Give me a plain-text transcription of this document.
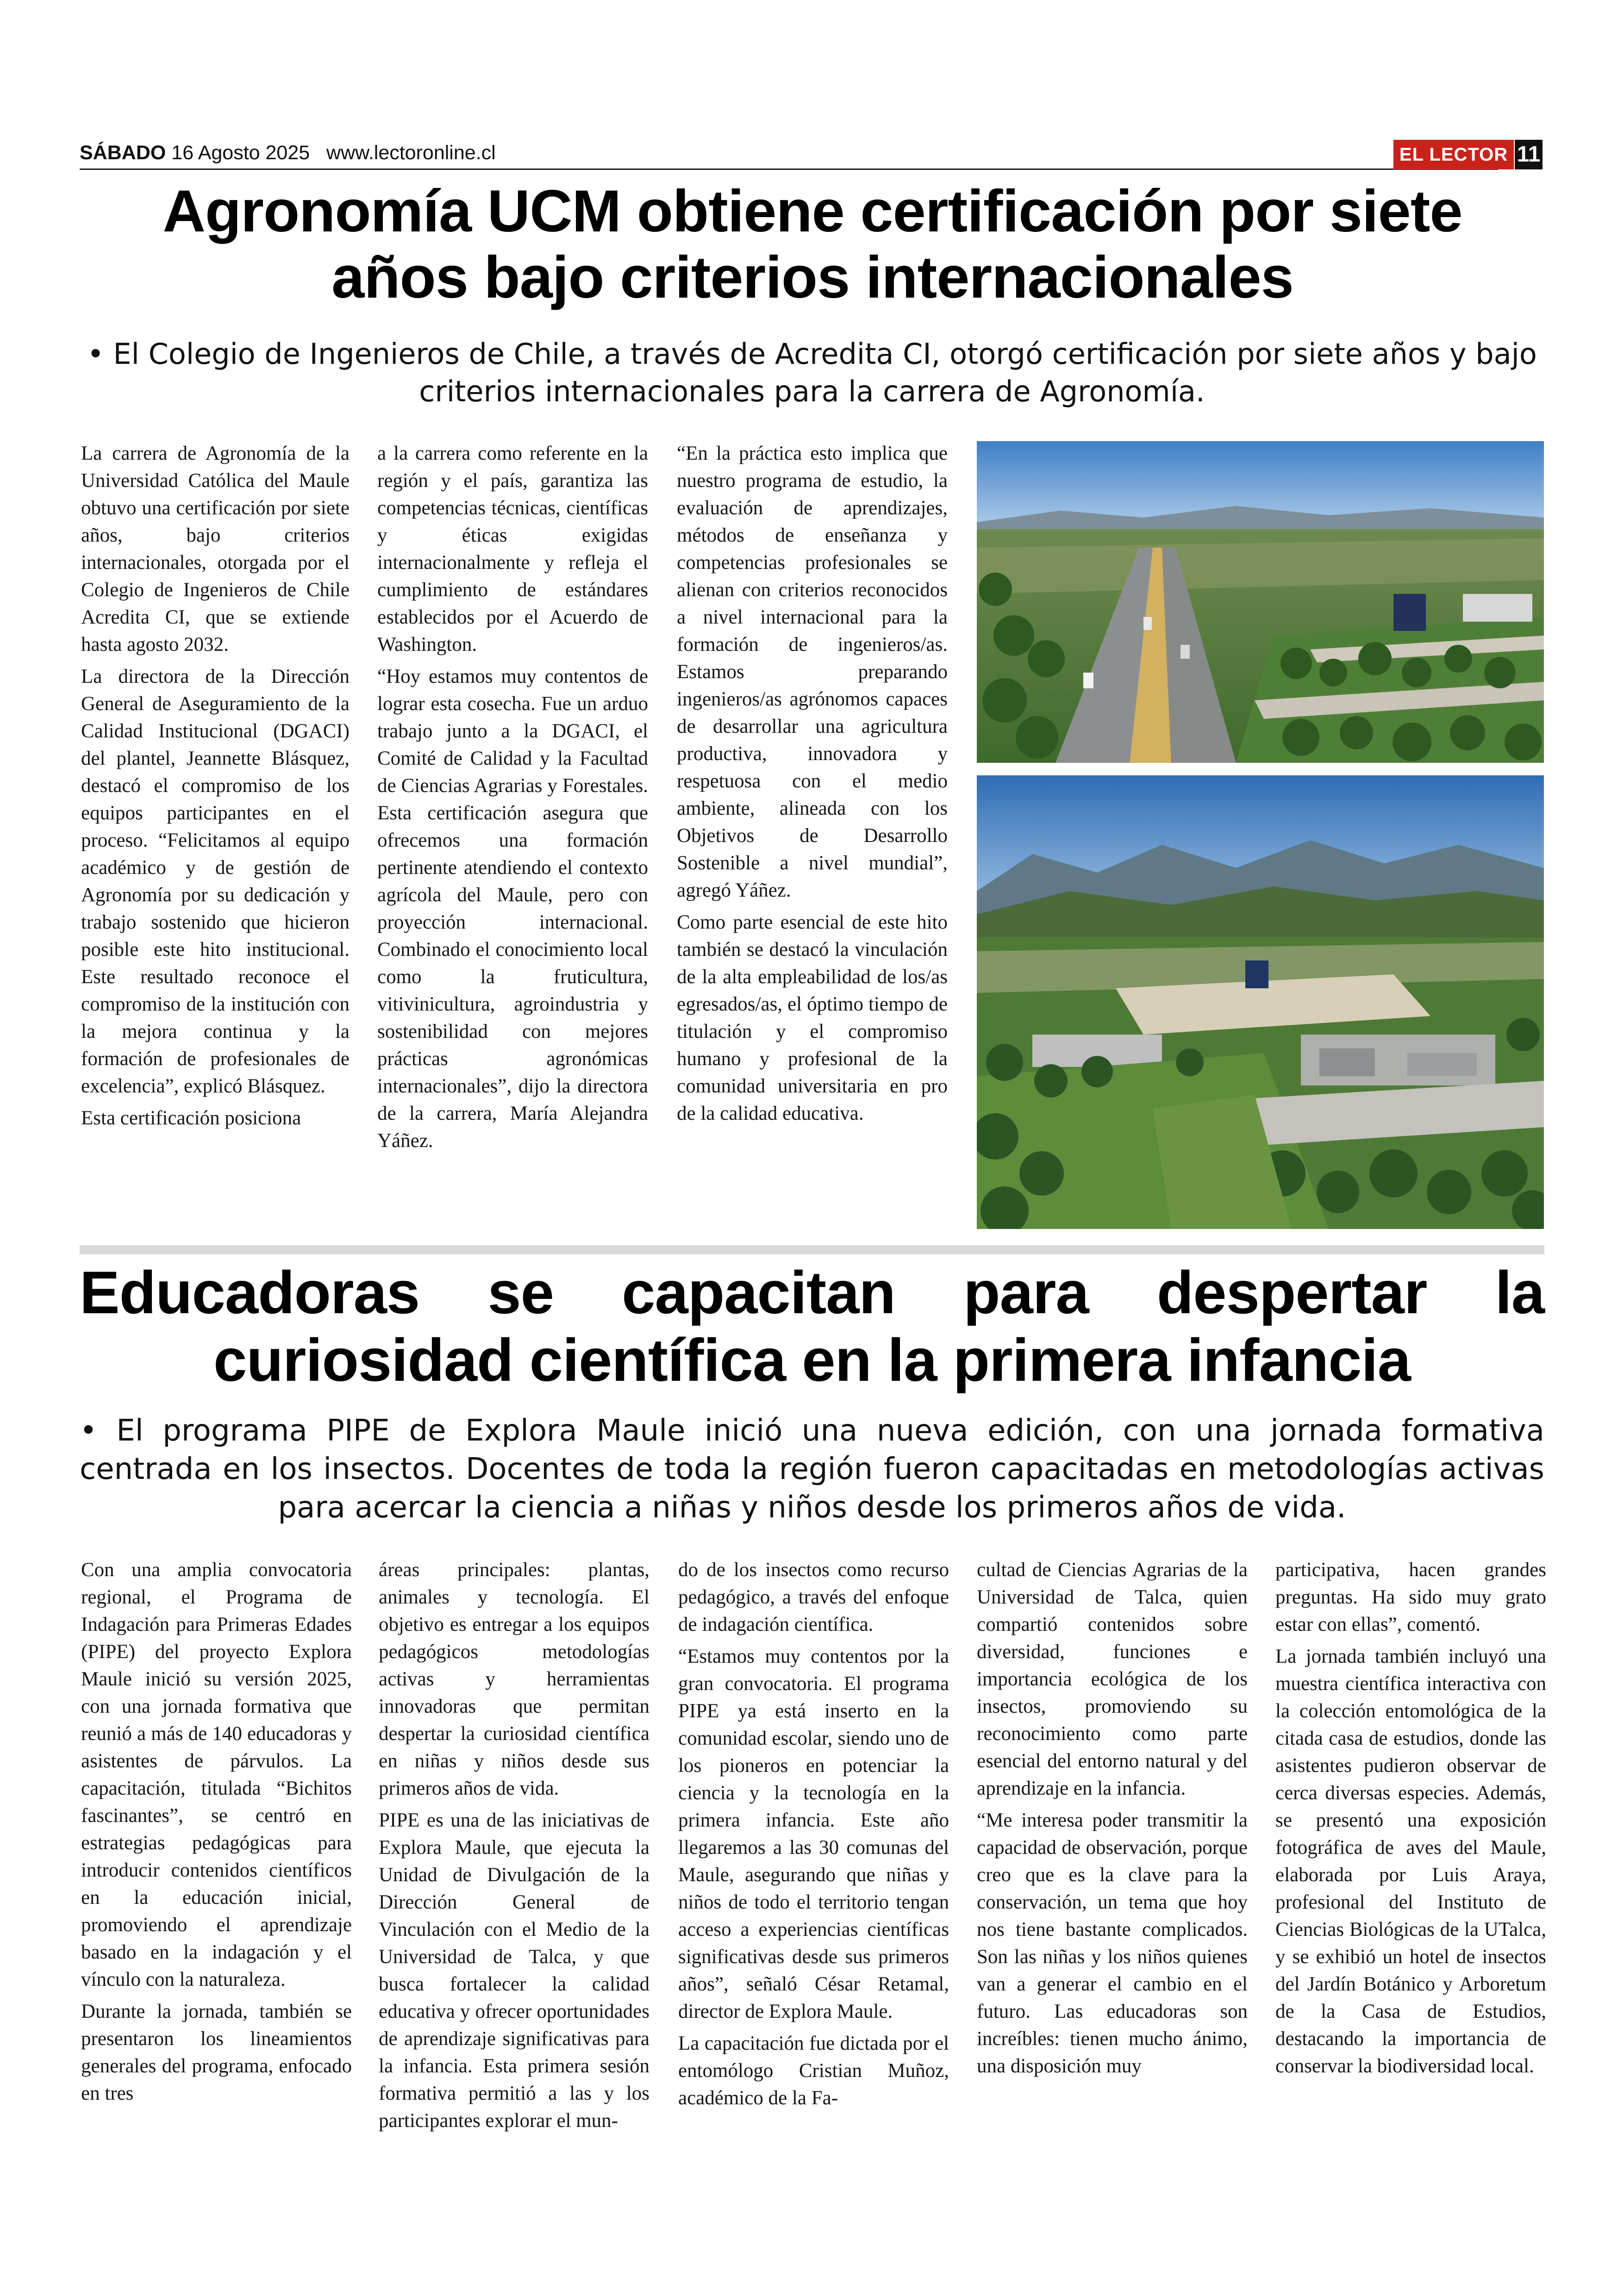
SÁBADO 16 Agosto 2025 www.lectoronline.cl	EL LECTOR 11
Agronomía UCM obtiene certificación por siete años bajo criterios internacionales
• El Colegio de Ingenieros de Chile, a través de Acredita CI, otorgó certificación por siete años y bajo criterios internacionales para la carrera de Agronomía.

La carrera de Agronomía de la Universidad Católica del Maule obtuvo una certificación por siete años, bajo criterios internacionales, otorgada por el Colegio de Ingenieros de Chile Acredita CI, que se extiende hasta agosto 2032.

La directora de la Dirección General de Aseguramiento de la Calidad Institucional (DGACI) del plantel, Jeannette Blásquez, destacó el compromiso de los equipos participantes en el proceso. “Felicitamos al equipo académico y de gestión de Agronomía por su dedicación y trabajo sostenido que hicieron posible este hito institucional. Este resultado reconoce el compromiso de la institución con la mejora continua y la formación de profesionales de excelencia”, explicó Blásquez.

Esta certificación posiciona

a la carrera como referente en la región y el país, garantiza las competencias técnicas, científicas y éticas exigidas internacionalmente y refleja el cumplimiento de estándares establecidos por el Acuerdo de Washington.

“Hoy estamos muy contentos de lograr esta cosecha. Fue un arduo trabajo junto a la DGACI, el Comité de Calidad y la Facultad de Ciencias Agrarias y Forestales. Esta certificación asegura que ofrecemos una formación pertinente atendiendo el contexto agrícola del Maule, pero con proyección internacional. Combinado el conocimiento local como la fruticultura, vitivinicultura, agroindustria y sostenibilidad con mejores prácticas agronómicas internacionales”, dijo la directora de la carrera, María Alejandra Yáñez.

“En la práctica esto implica que nuestro programa de estudio, la evaluación de aprendizajes, métodos de enseñanza y competencias profesionales se alienan con criterios reconocidos a nivel internacional para la formación de ingenieros/as. Estamos preparando ingenieros/as agrónomos capaces de desarrollar una agricultura productiva, innovadora y respetuosa con el medio ambiente, alineada con los Objetivos de Desarrollo Sostenible a nivel mundial”, agregó Yáñez.

Como parte esencial de este hito también se destacó la vinculación de la alta empleabilidad de los/as egresados/as, el óptimo tiempo de titulación y el compromiso humano y profesional de la comunidad universitaria en pro de la calidad educativa.

Educadoras se capacitan para despertar la curiosidad científica en la primera infancia
• El programa PIPE de Explora Maule inició una nueva edición, con una jornada formativa centrada en los insectos. Docentes de toda la región fueron capacitadas en metodologías activas para acercar la ciencia a niñas y niños desde los primeros años de vida.

Con una amplia convocatoria regional, el Programa de Indagación para Primeras Edades (PIPE) del proyecto Explora Maule inició su versión 2025, con una jornada formativa que reunió a más de 140 educadoras y asistentes de párvulos. La capacitación, titulada “Bichitos fascinantes”, se centró en estrategias pedagógicas para introducir contenidos científicos en la educación inicial, promoviendo el aprendizaje basado en la indagación y el vínculo con la naturaleza.

Durante la jornada, también se presentaron los lineamientos generales del programa, enfocado en tres

áreas principales: plantas, animales y tecnología. El objetivo es entregar a los equipos pedagógicos metodologías activas y herramientas innovadoras que permitan despertar la curiosidad científica en niñas y niños desde sus primeros años de vida.

PIPE es una de las iniciativas de Explora Maule, que ejecuta la Unidad de Divulgación de la Dirección General de Vinculación con el Medio de la Universidad de Talca, y que busca fortalecer la calidad educativa y ofrecer oportunidades de aprendizaje significativas para la infancia. Esta primera sesión formativa permitió a las y los participantes explorar el mun-

do de los insectos como recurso pedagógico, a través del enfoque de indagación científica.

“Estamos muy contentos por la gran convocatoria. El programa PIPE ya está inserto en la comunidad escolar, siendo uno de los pioneros en potenciar la ciencia y la tecnología en la primera infancia. Este año llegaremos a las 30 comunas del Maule, asegurando que niñas y niños de todo el territorio tengan acceso a experiencias científicas significativas desde sus primeros años”, señaló César Retamal, director de Explora Maule.

La capacitación fue dictada por el entomólogo Cristian Muñoz, académico de la Fa-

cultad de Ciencias Agrarias de la Universidad de Talca, quien compartió contenidos sobre diversidad, funciones e importancia ecológica de los insectos, promoviendo su reconocimiento como parte esencial del entorno natural y del aprendizaje en la infancia.

“Me interesa poder transmitir la capacidad de observación, porque creo que es la clave para la conservación, un tema que hoy nos tiene bastante complicados. Son las niñas y los niños quienes van a generar el cambio en el futuro. Las educadoras son increíbles: tienen mucho ánimo, una disposición muy

participativa, hacen grandes preguntas. Ha sido muy grato estar con ellas”, comentó.

La jornada también incluyó una muestra científica interactiva con la colección entomológica de la citada casa de estudios, donde las asistentes pudieron observar de cerca diversas especies. Además, se presentó una exposición fotográfica de aves del Maule, elaborada por Luis Araya, profesional del Instituto de Ciencias Biológicas de la UTalca, y se exhibió un hotel de insectos del Jardín Botánico y Arboretum de la Casa de Estudios, destacando la importancia de conservar la biodiversidad local.
